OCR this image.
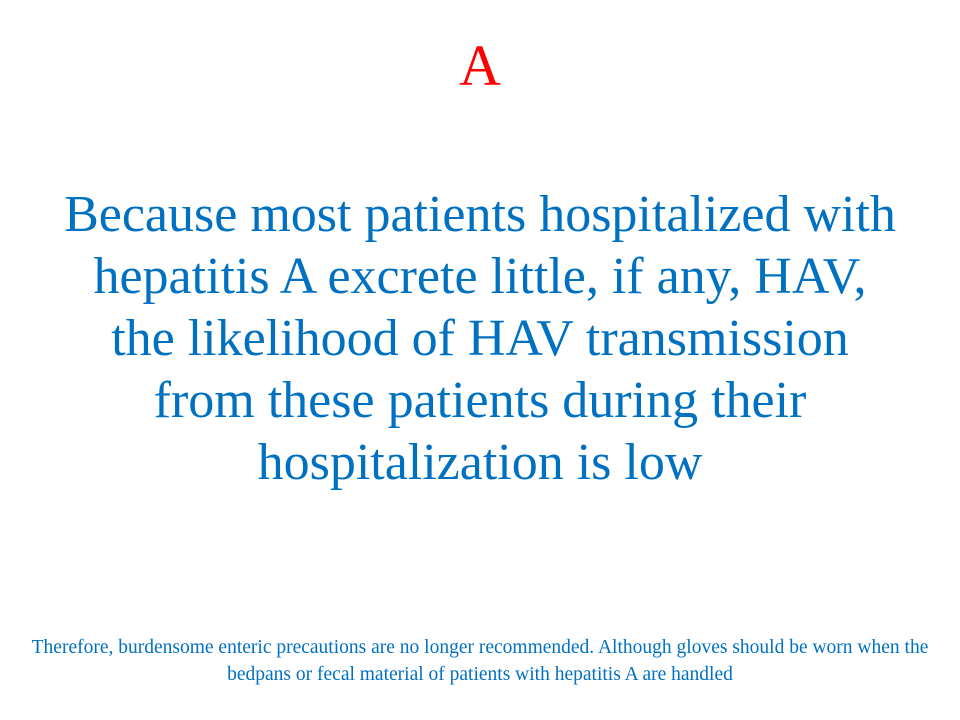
A
Because most patients hospitalized with hepatitis A excrete little, if any, HAV, the likelihood of HAV transmission from these patients during their hospitalization is low
Therefore, burdensome enteric precautions are no longer recommended. Although gloves should be worn when the bedpans or fecal material of patients with hepatitis A are handled
